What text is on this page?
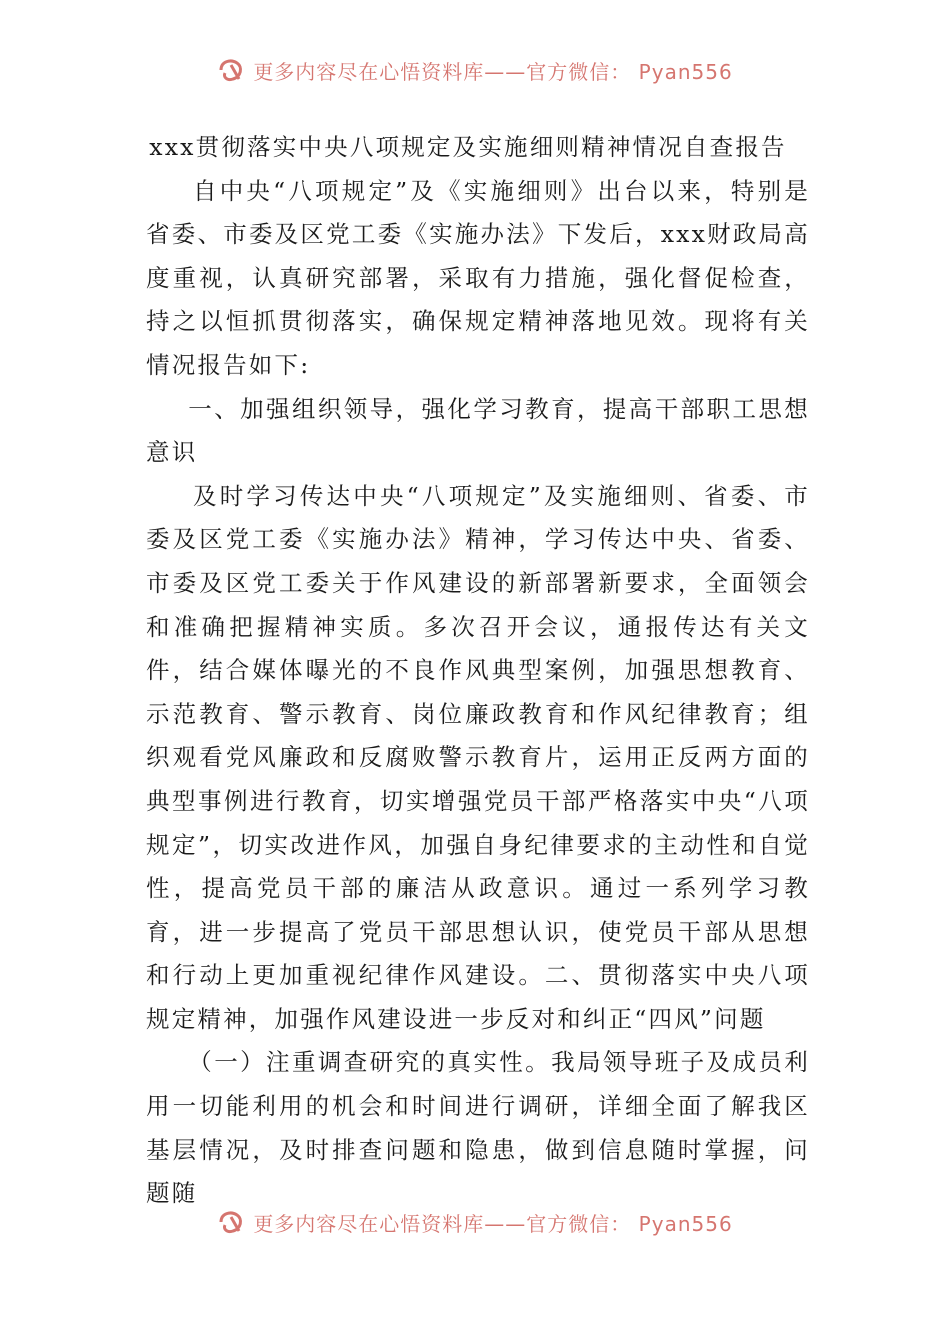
更多内容尽在心悟资料库——官方微信： Pyan556

xxx贯彻落实中央八项规定及实施细则精神情况自查报告

自中央“八项规定”及《实施细则》出台以来，特别是省委、市委及区党工委《实施办法》下发后，xxx财政局高度重视，认真研究部署，采取有力措施，强化督促检查，持之以恒抓贯彻落实，确保规定精神落地见效。现将有关情况报告如下:

一、加强组织领导，强化学习教育，提高干部职工思想意识

及时学习传达中央“八项规定”及实施细则、省委、市委及区党工委《实施办法》精神，学习传达中央、省委、市委及区党工委关于作风建设的新部署新要求，全面领会和准确把握精神实质。多次召开会议，通报传达有关文件，结合媒体曝光的不良作风典型案例，加强思想教育、示范教育、警示教育、岗位廉政教育和作风纪律教育；组织观看党风廉政和反腐败警示教育片，运用正反两方面的典型事例进行教育，切实增强党员干部严格落实中央“八项规定”，切实改进作风，加强自身纪律要求的主动性和自觉性，提高党员干部的廉洁从政意识。通过一系列学习教育，进一步提高了党员干部思想认识，使党员干部从思想和行动上更加重视纪律作风建设。二、贯彻落实中央八项规定精神，加强作风建设进一步反对和纠正“四风”问题

（一）注重调查研究的真实性。我局领导班子及成员利用一切能利用的机会和时间进行调研，详细全面了解我区基层情况，及时排查问题和隐患，做到信息随时掌握，问题随

更多内容尽在心悟资料库——官方微信： Pyan556
